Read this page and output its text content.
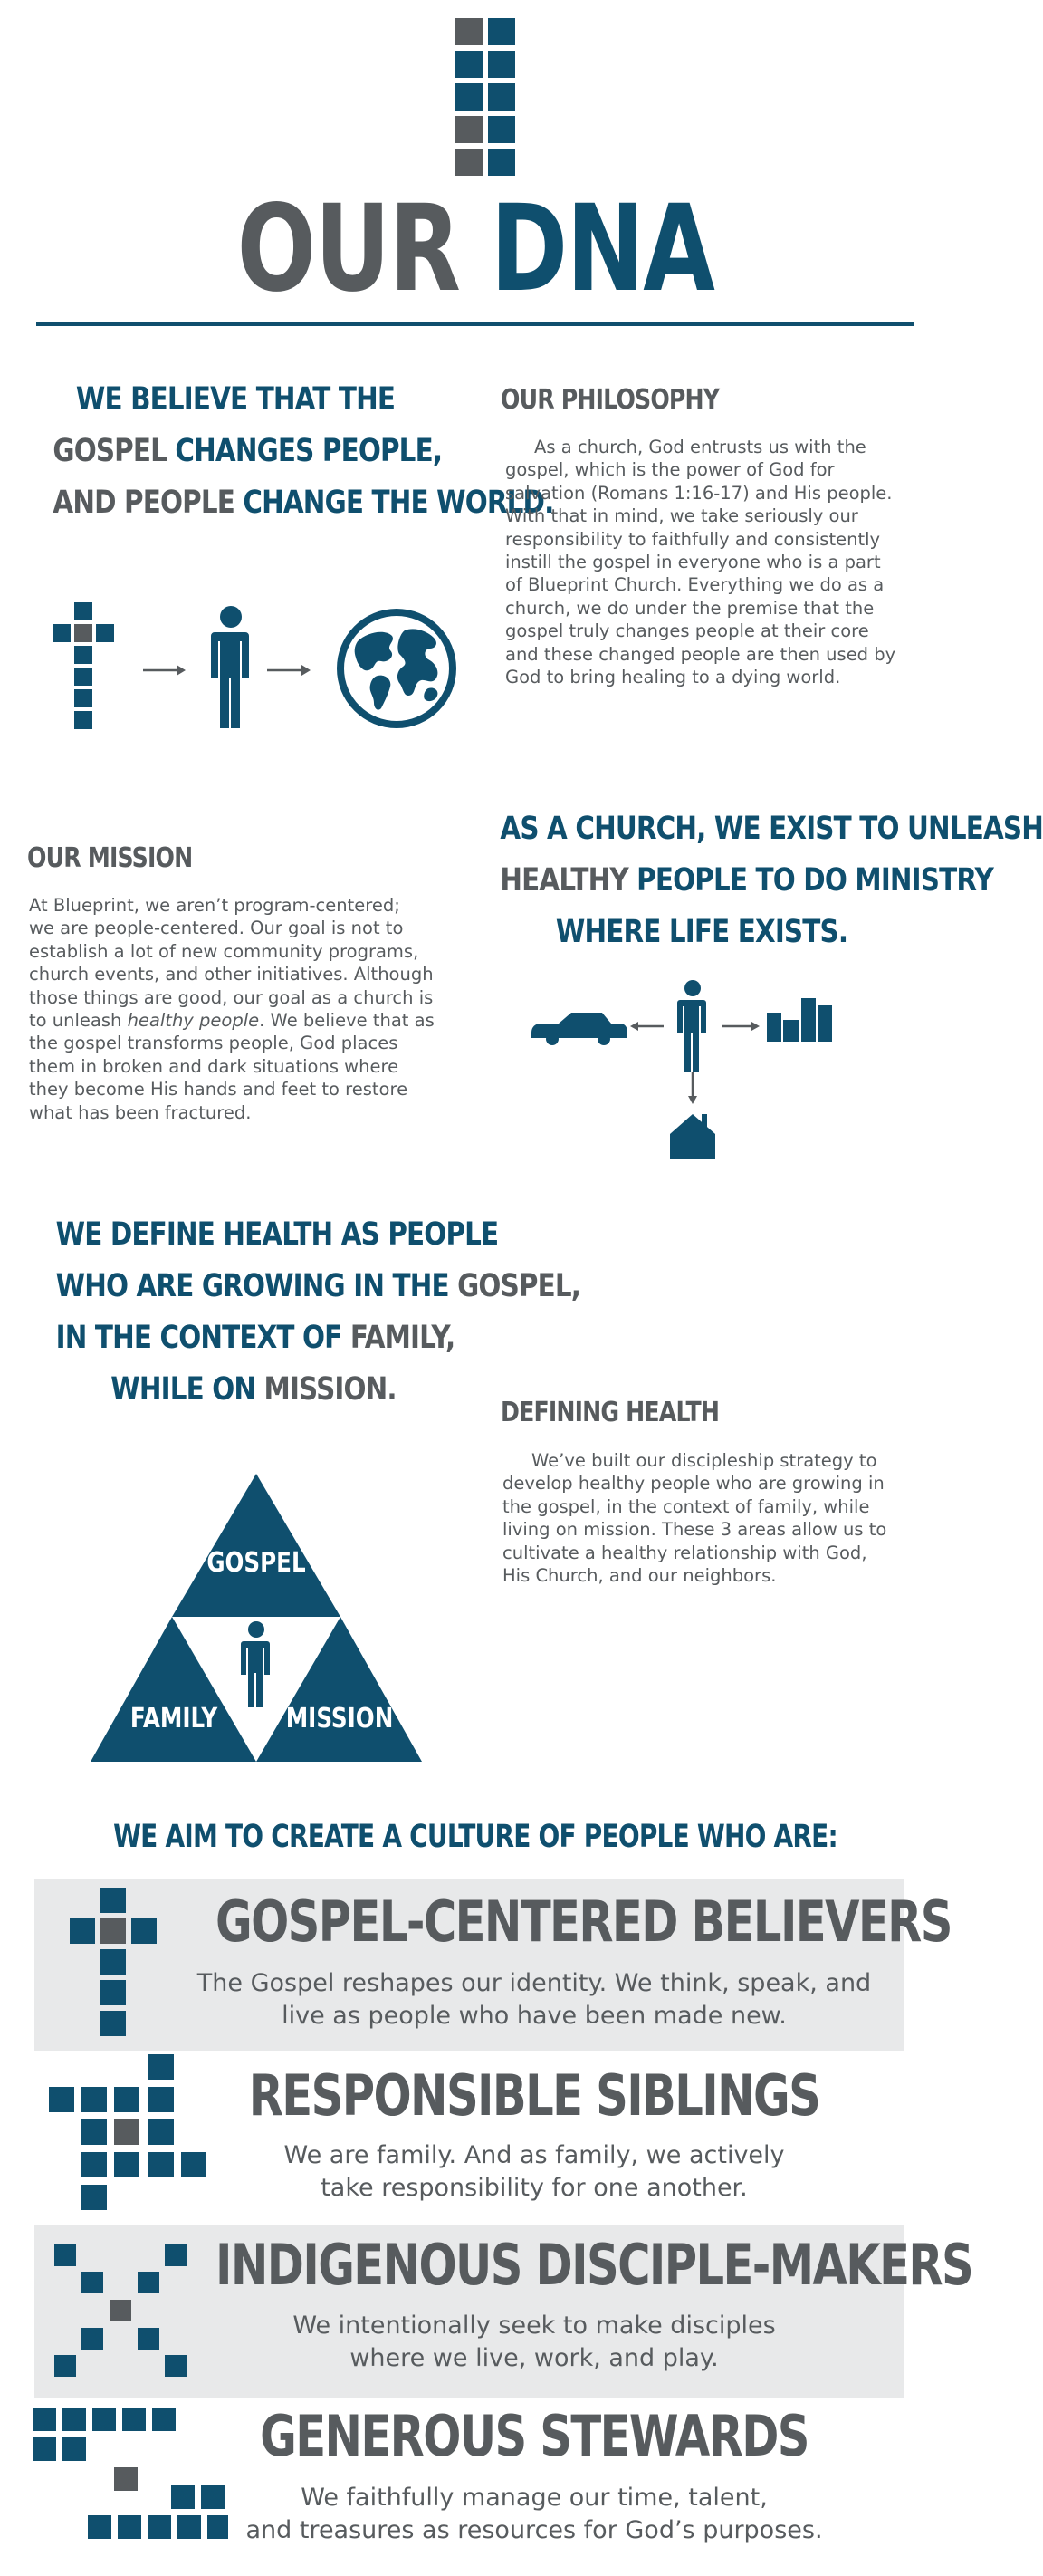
OUR DNA
WE BELIEVE THAT THE
GOSPEL CHANGES PEOPLE,
AND PEOPLE CHANGE THE WORLD.
OUR PHILOSOPHY
As a church, God entrusts us with the
gospel, which is the power of God for
salvation (Romans 1:16-17) and His people.
With that in mind, we take seriously our
responsibility to faithfully and consistently
instill the gospel in everyone who is a part
of Blueprint Church. Everything we do as a
church, we do under the premise that the
gospel truly changes people at their core
and these changed people are then used by
God to bring healing to a dying world.
OUR MISSION
At Blueprint, we aren’t program-centered;
we are people-centered. Our goal is not to
establish a lot of new community programs,
church events, and other initiatives. Although
those things are good, our goal as a church is
to unleash healthy people. We believe that as
the gospel transforms people, God places
them in broken and dark situations where
they become His hands and feet to restore
what has been fractured.
AS A CHURCH, WE EXIST TO UNLEASH
HEALTHY PEOPLE TO DO MINISTRY
WHERE LIFE EXISTS.
WE DEFINE HEALTH AS PEOPLE
WHO ARE GROWING IN THE GOSPEL,
IN THE CONTEXT OF FAMILY,
WHILE ON MISSION.
DEFINING HEALTH
We’ve built our discipleship strategy to
develop healthy people who are growing in
the gospel, in the context of family, while
living on mission. These 3 areas allow us to
cultivate a healthy relationship with God,
His Church, and our neighbors.
GOSPEL
FAMILY	MISSION
WE AIM TO CREATE A CULTURE OF PEOPLE WHO ARE:
GOSPEL-CENTERED BELIEVERS
The Gospel reshapes our identity. We think, speak, and
live as people who have been made new.
RESPONSIBLE SIBLINGS
We are family. And as family, we actively
take responsibility for one another.
INDIGENOUS DISCIPLE-MAKERS
We intentionally seek to make disciples
where we live, work, and play.
GENEROUS STEWARDS
We faithfully manage our time, talent,
and treasures as resources for God’s purposes.
